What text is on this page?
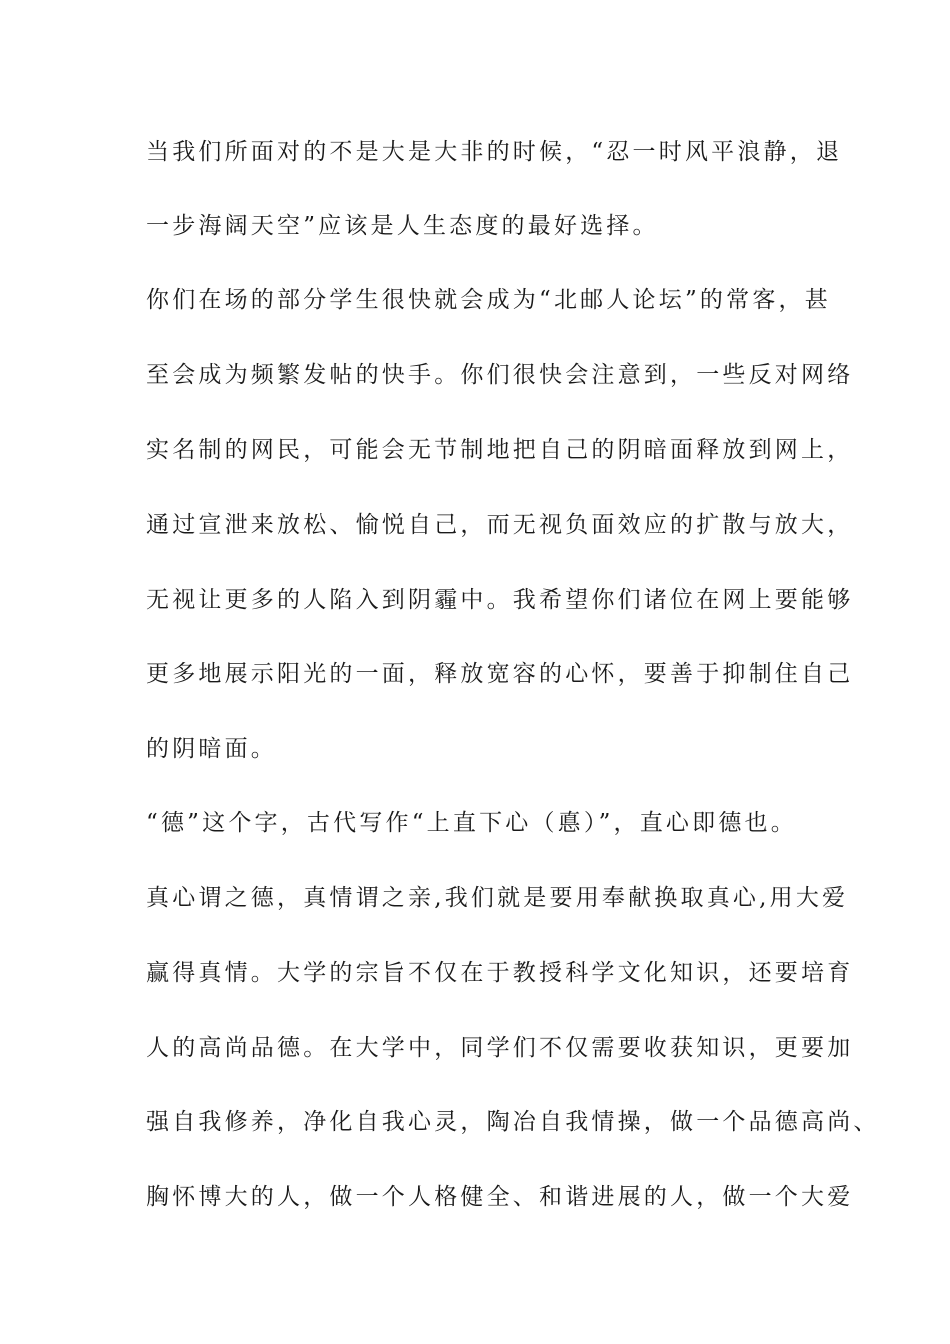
当我们所面对的不是大是大非的时候，“忍一时风平浪静，退
一步海阔天空”应该是人生态度的最好选择。
你们在场的部分学生很快就会成为“北邮人论坛”的常客，甚
至会成为频繁发帖的快手。你们很快会注意到，一些反对网络
实名制的网民，可能会无节制地把自己的阴暗面释放到网上，
通过宣泄来放松、愉悦自己，而无视负面效应的扩散与放大，
无视让更多的人陷入到阴霾中。我希望你们诸位在网上要能够
更多地展示阳光的一面，释放宽容的心怀，要善于抑制住自己
的阴暗面。
“德”这个字，古代写作“上直下心（悳）”，直心即德也。
真心谓之德，真情谓之亲,我们就是要用奉献换取真心,用大爱
赢得真情。大学的宗旨不仅在于教授科学文化知识，还要培育
人的高尚品德。在大学中，同学们不仅需要收获知识，更要加
强自我修养，净化自我心灵，陶冶自我情操，做一个品德高尚、
胸怀博大的人，做一个人格健全、和谐进展的人，做一个大爱
